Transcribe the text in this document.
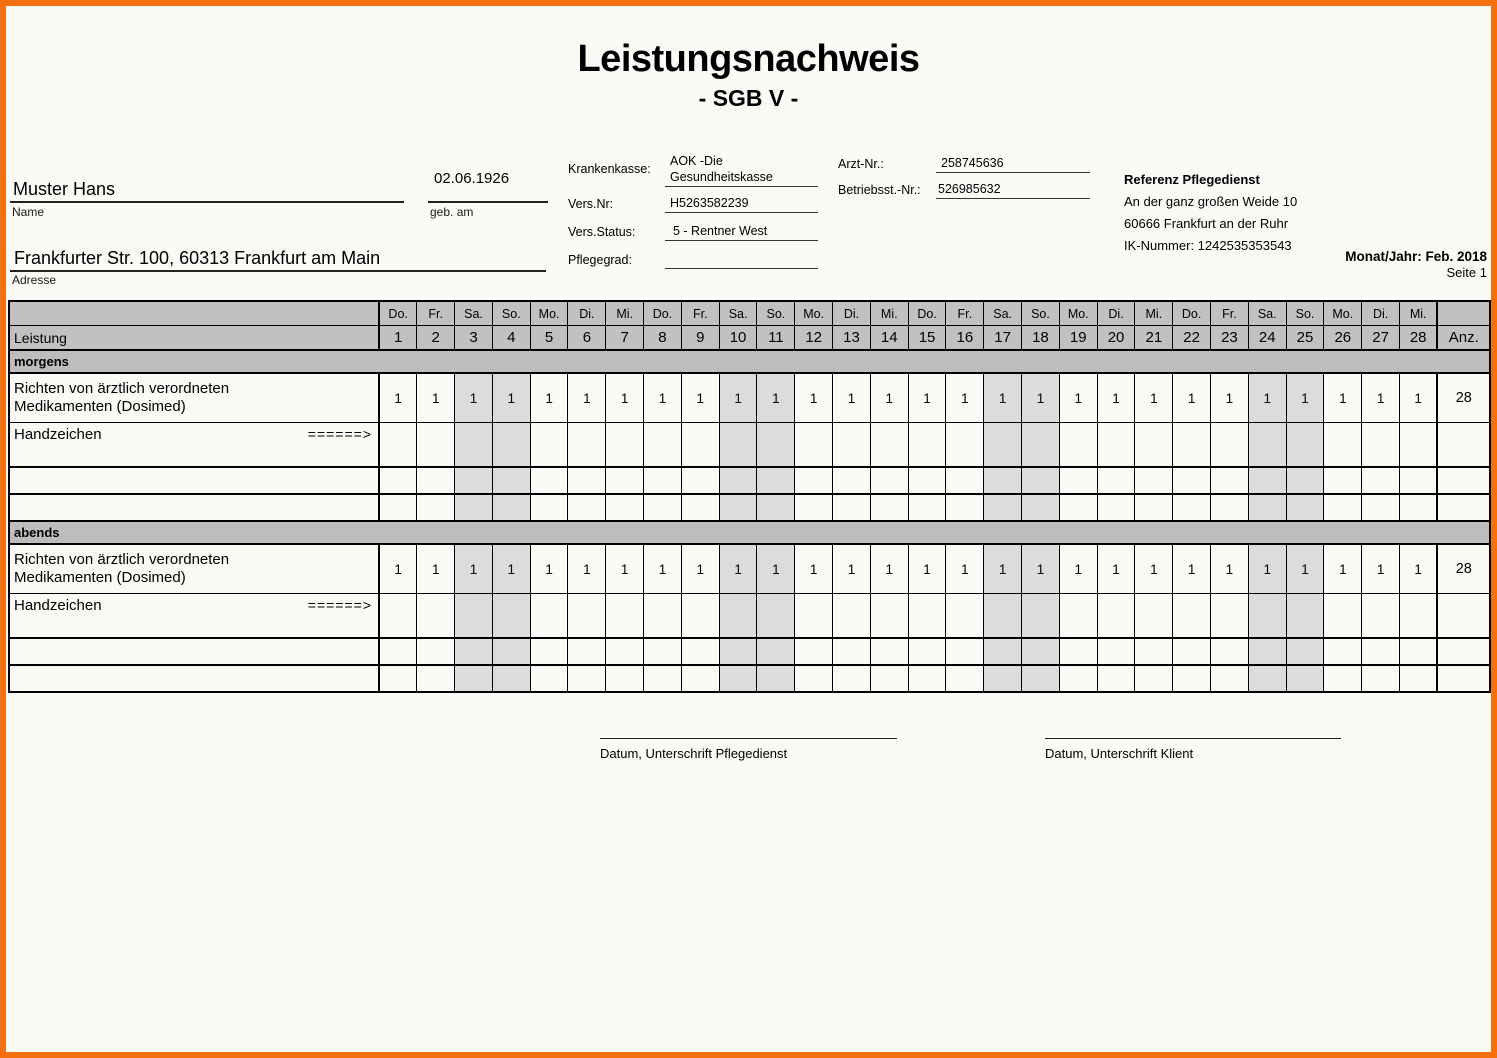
Leistungsnachweis
- SGB V -
Muster Hans
Name
02.06.1926
geb. am
Frankfurter Str. 100, 60313 Frankfurt am Main
Adresse
Krankenkasse:
AOK -Die
Gesundheitskasse
Vers.Nr:	H5263582239
Vers.Status:	5 - Rentner West
Pflegegrad:
Arzt-Nr.:	258745636
Betriebsst.-Nr.: 526985632
Referenz Pflegedienst
An der ganz großen Weide 10
60666 Frankfurt an der Ruhr
IK-Nummer: 1242535353543
Monat/Jahr: Feb. 2018
Seite 1
	Do.	Fr.	Sa.	So.	Mo.	Di.	Mi.	Do.	Fr.	Sa.	So.	Mo.	Di.	Mi.	Do.	Fr.	Sa.	So.	Mo.	Di.	Mi.	Do.	Fr.	Sa.	So.	Mo.	Di.	Mi.	
Leistung	1	2	3	4	5	6	7	8	9	10	11	12	13	14	15	16	17	18	19	20	21	22	23	24	25	26	27	28	Anz.
morgens																													

Richten von ärztlich verordneten
Medikamenten (Dosimed)	1	1	1	1	1	1	1	1	1	1	1	1	1	1	1	1	1	1	1	1	1	1	1	1	1	1	1	1	28

Handzeichen ======>																													

abends																													

Richten von ärztlich verordneten
Medikamenten (Dosimed)	1	1	1	1	1	1	1	1	1	1	1	1	1	1	1	1	1	1	1	1	1	1	1	1	1	1	1	1	28

Handzeichen ======>																													

Datum, Unterschrift Pflegedienst	Datum, Unterschrift Klient
